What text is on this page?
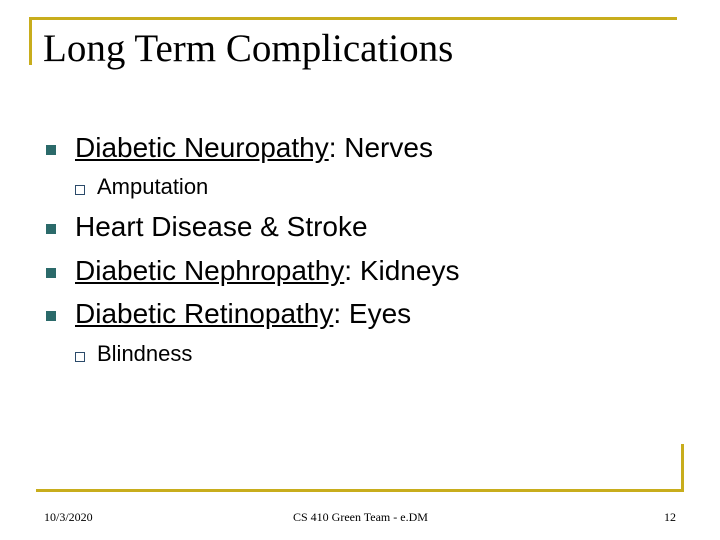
Long Term Complications
Diabetic Neuropathy: Nerves
Amputation
Heart Disease & Stroke
Diabetic Nephropathy: Kidneys
Diabetic Retinopathy: Eyes
Blindness
10/3/2020	CS 410 Green Team - e.DM	12
